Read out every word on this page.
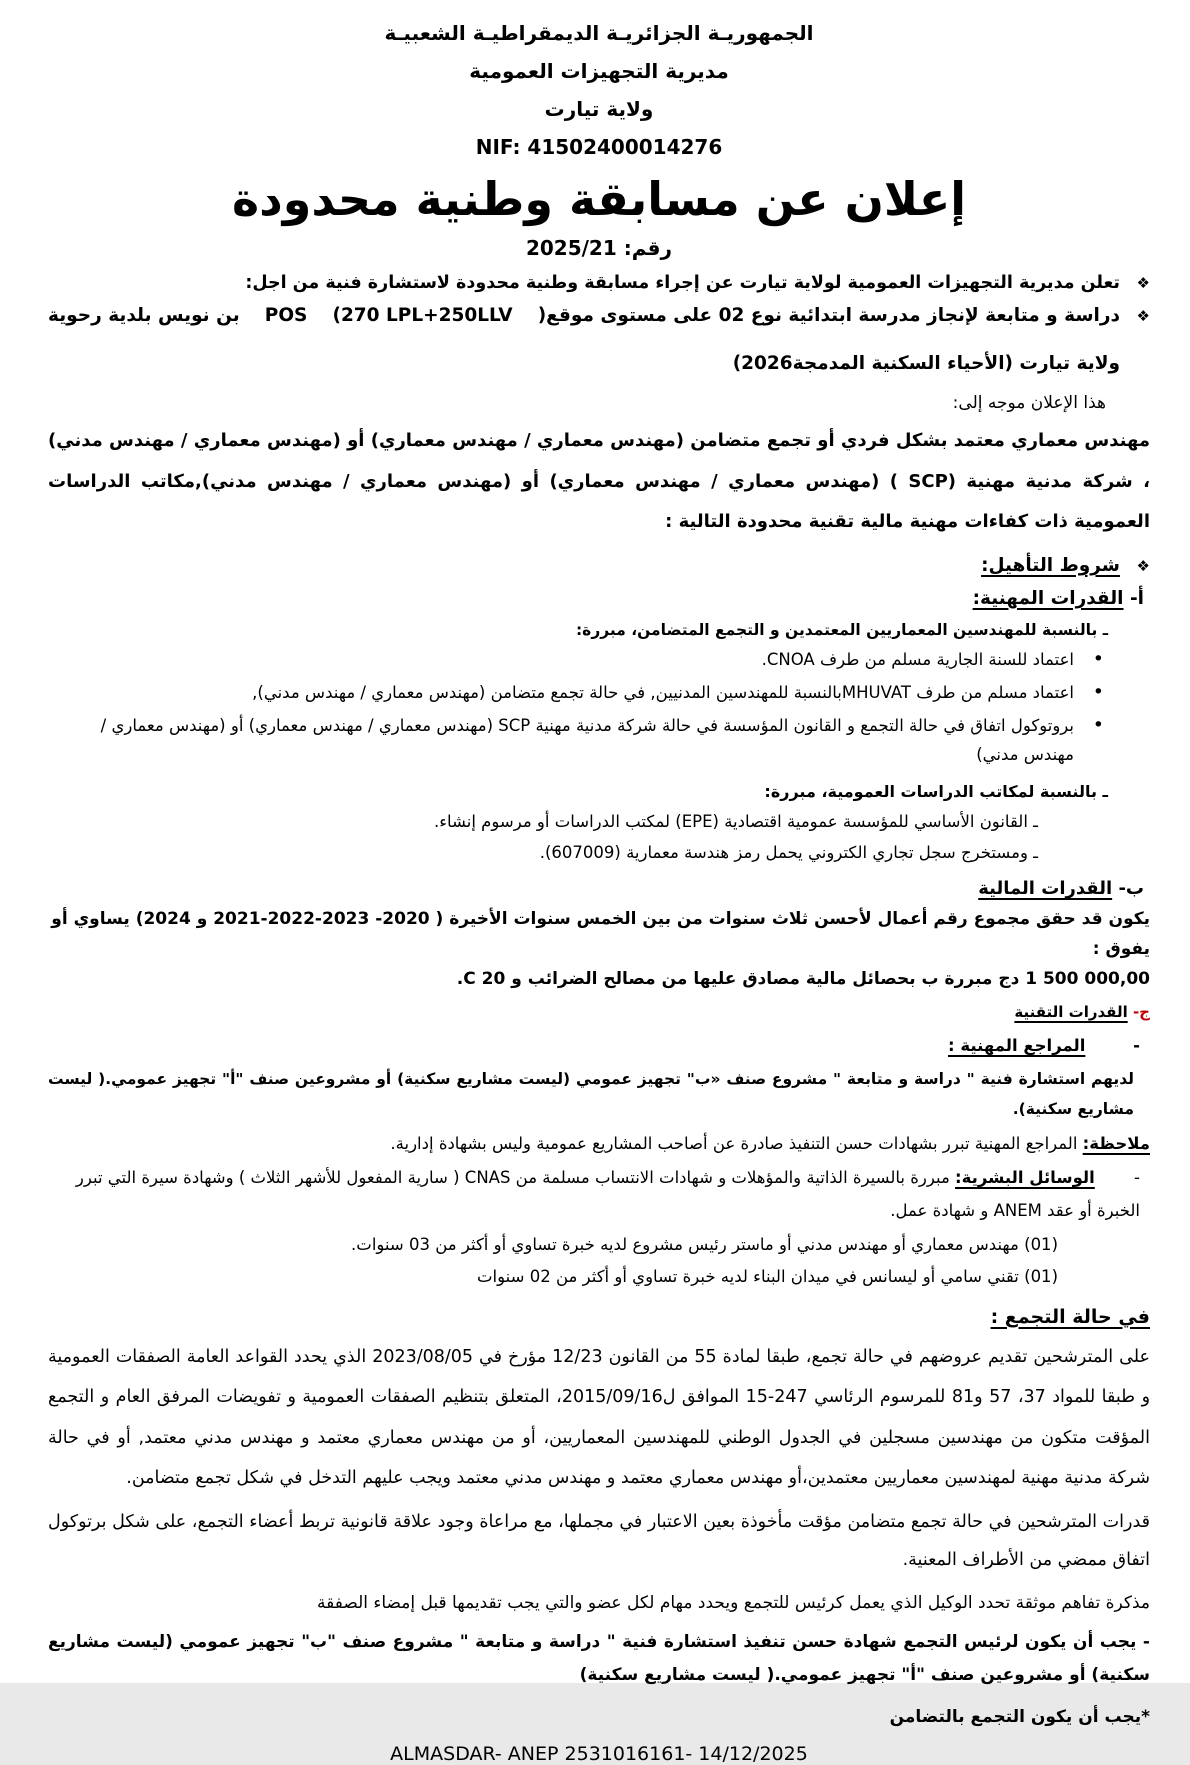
الجمهوريـة الجزائريـة الديمقراطيـة الشعبيـة
مديرية التجهيزات العمومية
ولاية تيارت
NIF: 41502400014276
إعلان عن مسابقة وطنية محدودة
رقم: 2025/21
❖
تعلن مديرية التجهيزات العمومية لولاية تيارت عن إجراء مسابقة وطنية محدودة لاستشارة فنية من اجل:
❖
دراسة و متابعة لإنجاز مدرسة ابتدائية نوع 02 على مستوى موقع(
(270 LPL+250LLV
POS
بن نويس بلدية رحوية
ولاية تيارت (الأحياء السكنية المدمجة2026)
هذا الإعلان موجه إلى:
مهندس معماري معتمد بشكل فردي أو تجمع متضامن (مهندس معماري / مهندس معماري) أو (مهندس معماري / مهندس مدني) ، شركة مدنية مهنية (SCP ) (مهندس معماري / مهندس معماري) أو (مهندس معماري / مهندس مدني),مكاتب الدراسات العمومية ذات كفاءات مهنية مالية تقنية محدودة التالية :
❖
شروط التأهيل:
أ- القدرات المهنية:
ـ بالنسبة للمهندسين المعماريين المعتمدين و التجمع المتضامن، مبررة:
•
اعتماد للسنة الجارية مسلم من طرف CNOA.
•
اعتماد مسلم من طرف MHUVATبالنسبة للمهندسين المدنيين, في حالة تجمع متضامن (مهندس معماري / مهندس مدني),
•
بروتوكول اتفاق في حالة التجمع و القانون المؤسسة في حالة شركة مدنية مهنية SCP (مهندس معماري / مهندس معماري) أو (مهندس معماري / مهندس مدني)
ـ بالنسبة لمكاتب الدراسات العمومية، مبررة:
ـ القانون الأساسي للمؤسسة عمومية اقتصادية (EPE) لمكتب الدراسات أو مرسوم إنشاء.
ـ ومستخرج سجل تجاري الكتروني يحمل رمز هندسة معمارية (607009).
ب- القدرات المالية
يكون قد حقق مجموع رقم أعمال لأحسن ثلاث سنوات من بين الخمس سنوات الأخيرة ( 2020- 2023-2022-2021 و 2024) يساوي أو يفوق :
1 500 000,00 دج مبررة ب بحصائل مالية مصادق عليها من مصالح الضرائب و C 20.
ج- القدرات التقنية
- المراجع المهنية :
لديهم استشارة فنية " دراسة و متابعة " مشروع صنف «ب" تجهيز عمومي (ليست مشاريع سكنية) أو مشروعين صنف "أ" تجهيز عمومي.( ليست مشاريع سكنية).
ملاحظة: المراجع المهنية تبرر بشهادات حسن التنفيذ صادرة عن أصاحب المشاريع عمومية وليس بشهادة إدارية.
- الوسائل البشرية: مبررة بالسيرة الذاتية والمؤهلات و شهادات الانتساب مسلمة من CNAS ( سارية المفعول للأشهر الثلاث ) وشهادة سيرة التي تبرر الخبرة أو عقد ANEM و شهادة عمل.
(01) مهندس معماري أو مهندس مدني أو ماستر رئيس مشروع لديه خبرة تساوي أو أكثر من 03 سنوات.
(01) تقني سامي أو ليسانس في ميدان البناء لديه خبرة تساوي أو أكثر من 02 سنوات
في حالة التجمع :
على المترشحين تقديم عروضهم في حالة تجمع، طبقا لمادة 55 من القانون 12/23 مؤرخ في 2023/08/05 الذي يحدد القواعد العامة الصفقات العمومية و طبقا للمواد 37، 57 و81 للمرسوم الرئاسي 247-15 الموافق ل2015/09/16، المتعلق بتنظيم الصفقات العمومية و تفويضات المرفق العام و التجمع المؤقت متكون من مهندسين مسجلين في الجدول الوطني للمهندسين المعماريين، أو من مهندس معماري معتمد و مهندس مدني معتمد, أو في حالة شركة مدنية مهنية لمهندسين معماريين معتمدين،أو مهندس معماري معتمد و مهندس مدني معتمد ويجب عليهم التدخل في شكل تجمع متضامن.
قدرات المترشحين في حالة تجمع متضامن مؤقت مأخوذة بعين الاعتبار في مجملها، مع مراعاة وجود علاقة قانونية تربط أعضاء التجمع، على شكل برتوكول اتفاق ممضي من الأطراف المعنية.
مذكرة تفاهم موثقة تحدد الوكيل الذي يعمل كرئيس للتجمع ويحدد مهام لكل عضو والتي يجب تقديمها قبل إمضاء الصفقة
- يجب أن يكون لرئيس التجمع شهادة حسن تنفيذ استشارة فنية " دراسة و متابعة " مشروع صنف "ب" تجهيز عمومي (ليست مشاريع سكنية) أو مشروعين صنف "أ" تجهيز عمومي.( ليست مشاريع سكنية)
*يجب أن يكون التجمع بالتضامن
ALMASDAR- ANEP 2531016161- 14/12/2025
